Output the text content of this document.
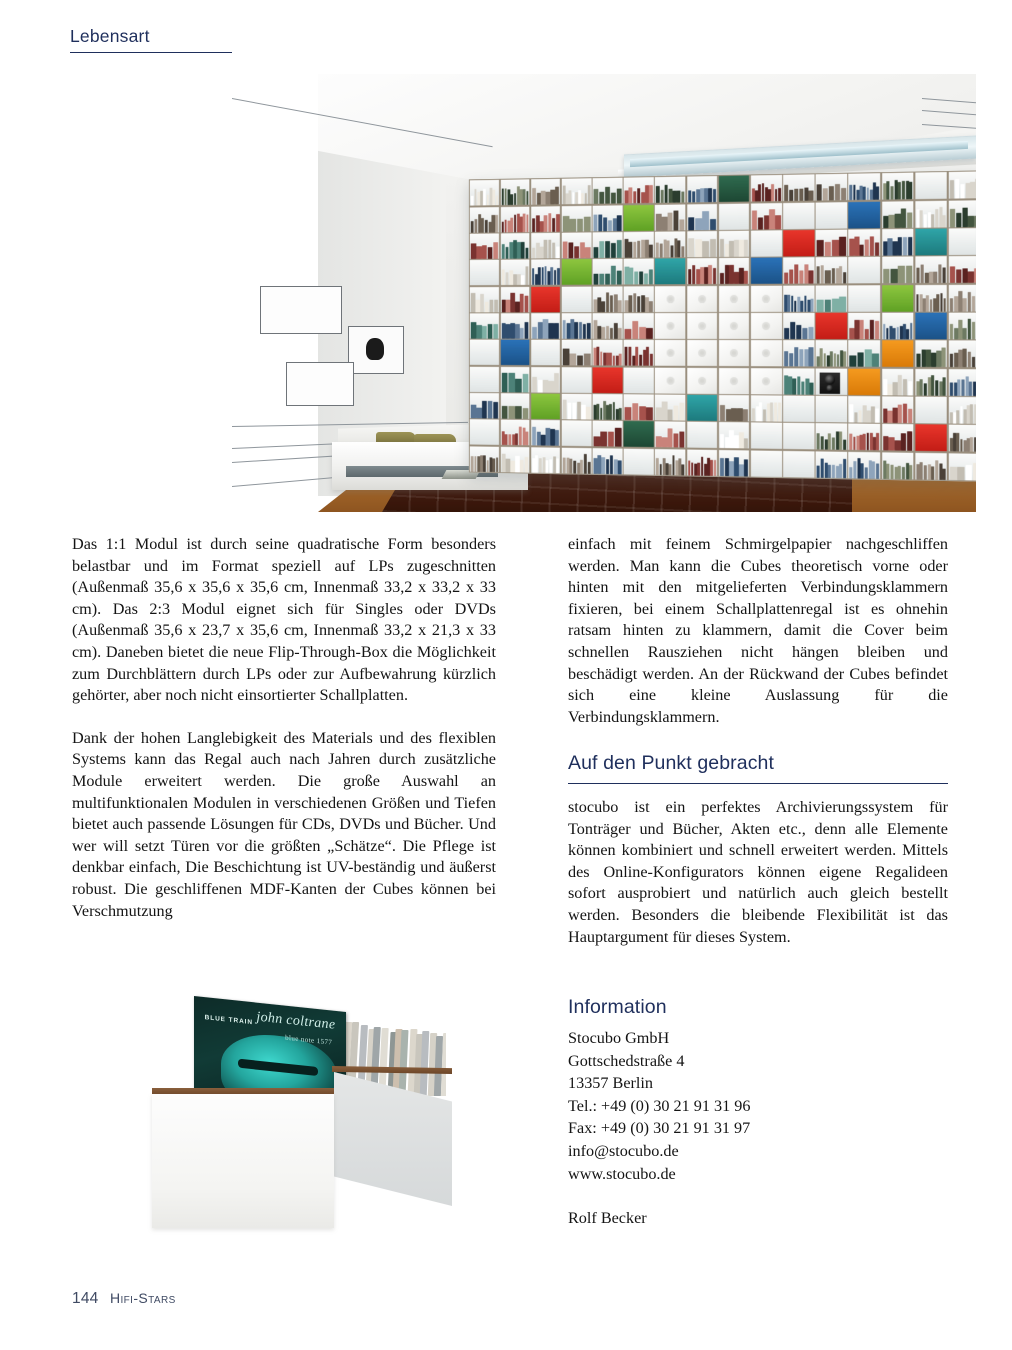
Lebensart

Das 1:1 Modul ist durch seine quadratische Form besonders belastbar und im Format speziell auf LPs zugeschnitten (Außenmaß 35,6 x 35,6 x 35,6 cm, Innenmaß 33,2 x 33,2 x 33 cm). Das 2:3 Modul eignet sich für Singles oder DVDs (Außenmaß 35,6 x 23,7 x 35,6 cm, Innenmaß 33,2 x 21,3 x 33 cm). Daneben bietet die neue Flip-Through-Box die Möglichkeit zum Durchblättern durch LPs oder zur Aufbewahrung kürzlich gehörter, aber noch nicht einsortierter Schallplatten.

Dank der hohen Langlebigkeit des Materials und des flexiblen Systems kann das Regal auch nach Jahren durch zusätzliche Module erweitert werden. Die große Auswahl an multifunktionalen Modulen in verschiedenen Größen und Tiefen bietet auch passende Lösungen für CDs, DVDs und Bücher. Und wer will setzt Türen vor die größten „Schätze“. Die Pflege ist denkbar einfach, Die Beschichtung ist UV-beständig und äußerst robust. Die geschliffenen MDF-Kanten der Cubes können bei Verschmutzung

einfach mit feinem Schmirgelpapier nachgeschliffen werden. Man kann die Cubes theoretisch vorne oder hinten mit den mitgelieferten Verbindungsklammern fixieren, bei einem Schallplattenregal ist es ohnehin ratsam hinten zu klammern, damit die Cover beim schnellen Rausziehen nicht hängen bleiben und beschädigt werden. An der Rückwand der Cubes befindet sich eine kleine Auslassung für die Verbindungsklammern.

Auf den Punkt gebracht

stocubo ist ein perfektes Archivierungssystem für Tonträger und Bücher, Akten etc., denn alle Elemente können kombiniert und schnell erweitert werden. Mittels des Online-Konfigurators können eigene Regalideen sofort ausprobiert und natürlich auch gleich bestellt werden. Besonders die bleibende Flexibilität ist das Hauptargument für dieses System.

Information
Stocubo GmbH
Gottschedstraße 4
13357 Berlin
Tel.: +49 (0) 30 21 91 31 96
Fax: +49 (0) 30 21 91 31 97
info@stocubo.de
www.stocubo.de
Rolf Becker
BLUE TRAIN john coltrane
blue note 1577
144 Hifi-Stars
